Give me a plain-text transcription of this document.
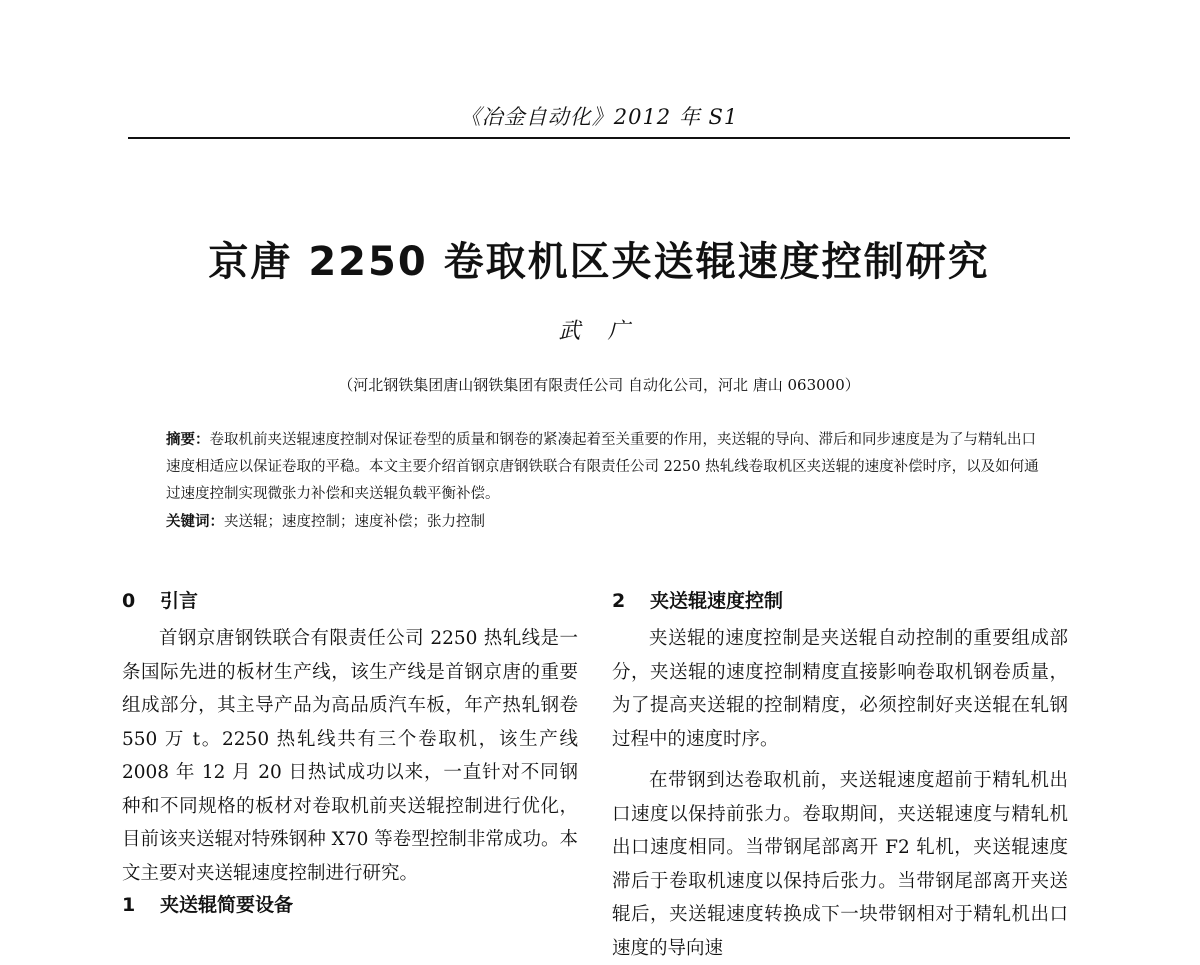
《冶金自动化》2012 年 S1
京唐 2250 卷取机区夹送辊速度控制研究
武 广
（河北钢铁集团唐山钢铁集团有限责任公司 自动化公司，河北 唐山 063000）
摘要：卷取机前夹送辊速度控制对保证卷型的质量和钢卷的紧凑起着至关重要的作用，夹送辊的导向、滞后和同步速度是为了与精轧出口速度相适应以保证卷取的平稳。本文主要介绍首钢京唐钢铁联合有限责任公司 2250 热轧线卷取机区夹送辊的速度补偿时序，以及如何通过速度控制实现微张力补偿和夹送辊负载平衡补偿。
关键词：夹送辊；速度控制；速度补偿；张力控制
0 引言

首钢京唐钢铁联合有限责任公司 2250 热轧线是一条国际先进的板材生产线，该生产线是首钢京唐的重要组成部分，其主导产品为高品质汽车板，年产热轧钢卷 550 万 t。2250 热轧线共有三个卷取机，该生产线 2008 年 12 月 20 日热试成功以来，一直针对不同钢种和不同规格的板材对卷取机前夹送辊控制进行优化，目前该夹送辊对特殊钢种 X70 等卷型控制非常成功。本文主要对夹送辊速度控制进行研究。

1 夹送辊简要设备
2 夹送辊速度控制

夹送辊的速度控制是夹送辊自动控制的重要组成部分，夹送辊的速度控制精度直接影响卷取机钢卷质量，为了提高夹送辊的控制精度，必须控制好夹送辊在轧钢过程中的速度时序。

在带钢到达卷取机前，夹送辊速度超前于精轧机出口速度以保持前张力。卷取期间，夹送辊速度与精轧机出口速度相同。当带钢尾部离开 F2 轧机，夹送辊速度滞后于卷取机速度以保持后张力。当带钢尾部离开夹送辊后，夹送辊速度转换成下一块带钢相对于精轧机出口速度的导向速
